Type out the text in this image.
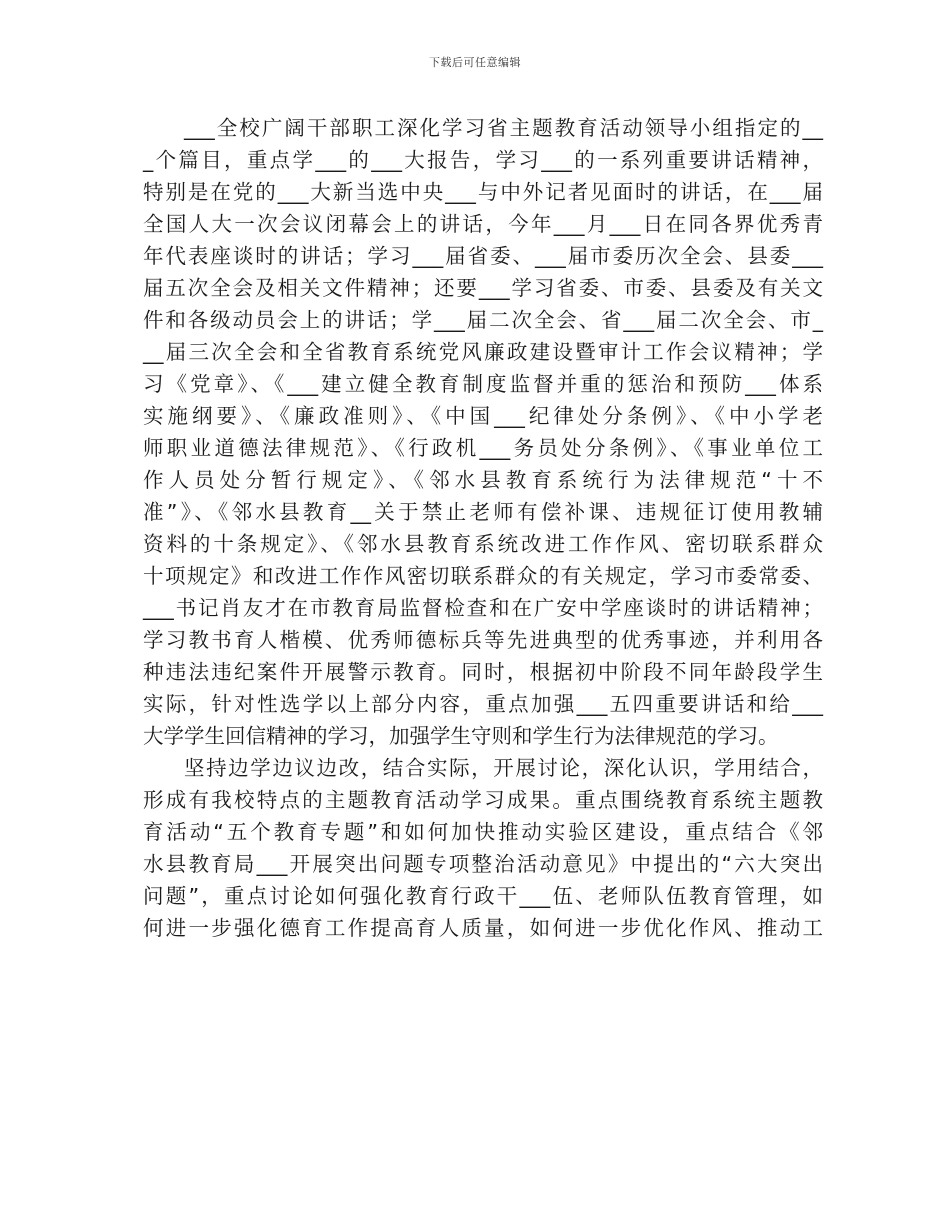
下载后可任意编辑
___全校广阔干部职工深化学习省主题教育活动领导小组指定的__
_个篇目，重点学___的___大报告，学习___的一系列重要讲话精神，
特别是在党的___大新当选中央___与中外记者见面时的讲话，在___届
全国人大一次会议闭幕会上的讲话，今年___月___日在同各界优秀青
年代表座谈时的讲话；学习___届省委、___届市委历次全会、县委___
届五次全会及相关文件精神；还要___学习省委、市委、县委及有关文
件和各级动员会上的讲话；学___届二次全会、省___届二次全会、市_
__届三次全会和全省教育系统党风廉政建设暨审计工作会议精神；学
习《党章》、《___建立健全教育制度监督并重的惩治和预防___体系
实施纲要》、《廉政准则》、《中国___纪律处分条例》、《中小学老
师职业道德法律规范》、《行政机___务员处分条例》、《事业单位工
作人员处分暂行规定》、《邻水县教育系统行为法律规范“十不
准”》、《邻水县教育__关于禁止老师有偿补课、违规征订使用教辅
资料的十条规定》、《邻水县教育系统改进工作作风、密切联系群众
十项规定》和改进工作作风密切联系群众的有关规定，学习市委常委、
___书记肖友才在市教育局监督检查和在广安中学座谈时的讲话精神；
学习教书育人楷模、优秀师德标兵等先进典型的优秀事迹，并利用各
种违法违纪案件开展警示教育。同时，根据初中阶段不同年龄段学生
实际，针对性选学以上部分内容，重点加强___五四重要讲话和给___
大学学生回信精神的学习，加强学生守则和学生行为法律规范的学习。
坚持边学边议边改，结合实际，开展讨论，深化认识，学用结合，
形成有我校特点的主题教育活动学习成果。重点围绕教育系统主题教
育活动“五个教育专题”和如何加快推动实验区建设，重点结合《邻
水县教育局___开展突出问题专项整治活动意见》中提出的“六大突出
问题”，重点讨论如何强化教育行政干___伍、老师队伍教育管理，如
何进一步强化德育工作提高育人质量，如何进一步优化作风、推动工
